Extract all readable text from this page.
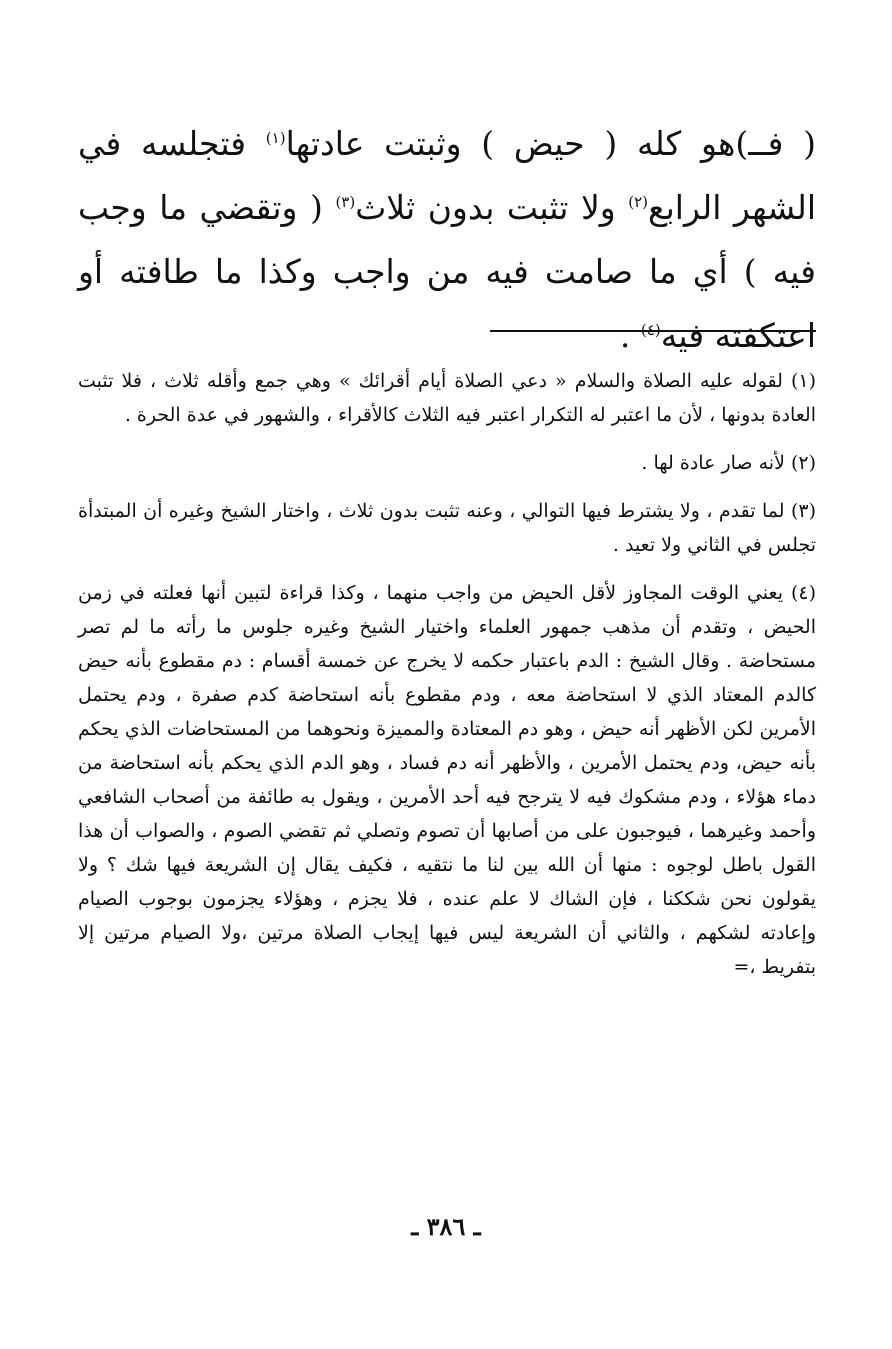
( فــ)هو كله ( حيض ) وثبتت عادتها$^{(١)}$ فتجلسه في الشهر الرابع$^{(٢)}$ ولا تثبت بدون ثلاث$^{(٣)}$ ( وتقضي ما وجب فيه ) أي ما صامت فيه من واجب وكذا ما طافته أو اعتكفته فيه$^{(٤)}$ .

(١) لقوله عليه الصلاة والسلام « دعي الصلاة أيام أقرائك » وهي جمع وأقله ثلاث ، فلا تثبت العادة بدونها ، لأن ما اعتبر له التكرار اعتبر فيه الثلاث كالأقراء ، والشهور في عدة الحرة .

(٢) لأنه صار عادة لها .

(٣) لما تقدم ، ولا يشترط فيها التوالي ، وعنه تثبت بدون ثلاث ، واختار الشيخ وغيره أن المبتدأة تجلس في الثاني ولا تعيد .

(٤) يعني الوقت المجاوز لأقل الحيض من واجب منهما ، وكذا قراءة لتبين أنها فعلته في زمن الحيض ، وتقدم أن مذهب جمهور العلماء واختيار الشيخ وغيره جلوس ما رأته ما لم تصر مستحاضة . وقال الشيخ : الدم باعتبار حكمه لا يخرج عن خمسة أقسام : دم مقطوع بأنه حيض كالدم المعتاد الذي لا استحاضة معه ، ودم مقطوع بأنه استحاضة كدم صفرة ، ودم يحتمل الأمرين لكن الأظهر أنه حيض ، وهو دم المعتادة والمميزة ونحوهما من المستحاضات الذي يحكم بأنه حيض، ودم يحتمل الأمرين ، والأظهر أنه دم فساد ، وهو الدم الذي يحكم بأنه استحاضة من دماء هؤلاء ، ودم مشكوك فيه لا يترجح فيه أحد الأمرين ، ويقول به طائفة من أصحاب الشافعي وأحمد وغيرهما ، فيوجبون على من أصابها أن تصوم وتصلي ثم تقضي الصوم ، والصواب أن هذا القول باطل لوجوه : منها أن الله بين لنا ما نتقيه ، فكيف يقال إن الشريعة فيها شك ؟ ولا يقولون نحن شككنا ، فإن الشاك لا علم عنده ، فلا يجزم ، وهؤلاء يجزمون بوجوب الصيام وإعادته لشكهم ، والثاني أن الشريعة ليس فيها إيجاب الصلاة مرتين ،ولا الصيام مرتين إلا بتفريط ،=

ـ ٣٨٦ ـ
